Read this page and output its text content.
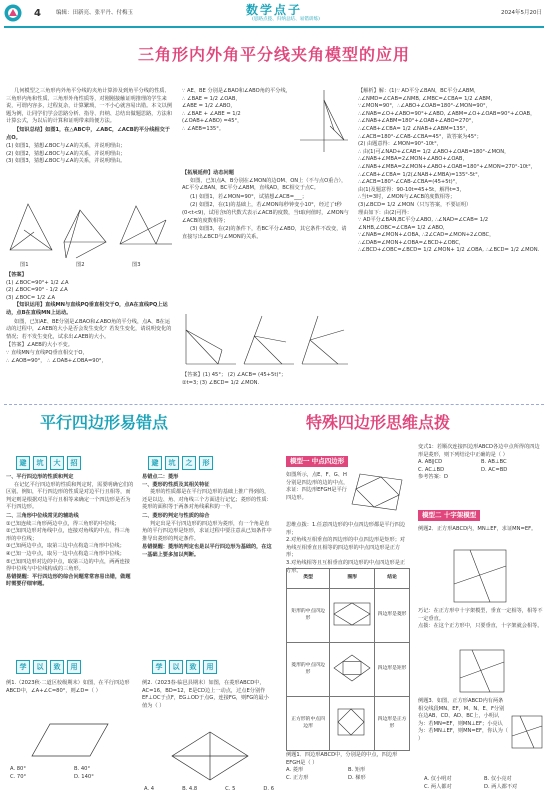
4	编辑：田新亮、张平丹、付梅玉	数学点子
(思路点拨、归纳总结、易错训练)
2024年5月20日
三角形内外角平分线夹角模型的应用

几何模型之三角形内外角平分线的夹角计算涉及到角平分线的性质、三角形内角和性质、三角形外角性质等，对刚刚接触证明推理的学生来说，可谓内容多，过程复杂，计算繁琐，一不小心就容易出错。本文以例题为例，让同学们学会思路分析、指导、归纳、总结出做题思路，方法和计算公式，为以后的计算和证明带来简便方法。

【知识总结】如图1，在△ABC中，∠ABC，∠ACB的平分线相交于点O。

(1) 如图1，猜想∠BOC与∠A的关系，并说明理由；
(2) 如图2，猜想∠BOC与∠A的关系，并说明理由；
(3) 如图3，猜想∠BOC与∠A的关系，并说明理由。
图1	图2	图3
【答案】
(1) ∠BOC=90°+ 1/2 ∠A
(2) ∠BOC=90° - 1/2 ∠A
(3) ∠BOC= 1/2 ∠A

【知识运用】直线MN与直线PQ垂直相交于O，点A在直线PQ上运动，点B在直线MN上运动。

如图，已知AE、BE分别是∠BAO和∠ABO角的平分线，点A、B在运动的过程中，∠AEB的大小是否会发生变化？若发生变化，请说明变化的情况；若不发生变化，试求出∠AEB的大小。

【答案】∠AEB的大小不变。
∵ 直线MN与直线PQ垂直相交于O，
∴ ∠AOB=90°， ∴ ∠OAB+∠OBA=90°，
∵ AE、BE 分别是∠BAO和∠ABO角的平分线，
∴ ∠BAE = 1/2 ∠OAB，
∠ABE = 1/2 ∠ABO，
∴ ∠BAE + ∠ABE = 1/2
(∠OAB+∠ABO) =45°，
∴ ∠AEB=135°。
【拓展延伸】动态问题

如图，已知点A、B分别在∠MON的边OM、ON上（不与点O重合），AC平分∠BAN，BC平分∠ABM，直线AD，BC相交于点C。

(1) 如图1，若∠MON=90°，试猜想∠ACB=___；

(2) 如图2，在(1)的基础上，若∠MON每秒钟变小10°，经过了t秒(0<t<9)，试用含t的代数式表示∠ACB的度数，当t取何值时，∠MON与∠ACB的度数相等；

(3) 如图3，在(2)的条件下，若BC平分∠ABO，其它条件不改变，请直接写出∠BCD与∠MON的关系。

【答案】(1) 45°； (2) ∠ACB= (45+5t)°；
②t=3; (3) ∠BCD= 1/2 ∠MON.
【解析】解：(1)∵ AD平分∠BAN，BC平分∠ABM，
∴∠NMD=∠CAB=∠NMB, ∠MBC=∠CBA= 1/2 ∠ABM，
∵∠MON=90°，∴∠ABO+∠OAB=180°-∠MON=90°，
∴∠NAB=∠O+∠ABO=90°+∠ABO, ∠ABM=∠O+∠OAB=90°+∠OAB，
∴∠NAB+∠ABM=180°+∠OAB+∠ABO=270°，
∴∠CAB+∠CBA= 1/2 ∠NAB+∠ABM=135°，
∴∠ACB=180°-∠CAB-∠CBA=45°，故答案为45°；
(2) 由题意得：∠MON=90°-10t°，
∴ 由(1)可∠NAD+∠CAB= 1/2 ∠ABO+∠OAB=180°-∠MON，
∴∠NAB+∠MBA=2∠MON+∠ABO+∠OAB，
∴∠NAB+∠MBA=2∠MON+∠ABO+∠OAB=180°+∠MON=270°-10t°，
∴∠CAB+∠CBA= 1/2(∠NAB+∠MBA)=135°-5t°，
∴∠ACB=180°-∠CAB-∠CBA=(45+5t)°，
由(1)及题意得：90-10t=45+5t，解得t=3，
∴当t=3时，∠MON与∠ACB的度数相等；
(3)∠BCD= 1/2 ∠MON（只写答案，不要证明）
理由如下：由(2)可得：
∵ AD平分∠BAN,BC平分∠ABO, ∴∠NAD=∠CAB= 1/2 ∠NHB,∠OBC=∠CBA= 1/2 ∠ABO，
∵∠NAB=∠MON+∠OBA, ∴2∠CAD=∠MON+2∠OBC，∴∠DAB=∠MON+∠OBA=∠BCD+∠OBC，
∴∠BCD+∠OBC=∠BCD= 1/2 ∠MON+ 1/2 ∠OBA, ∴∠BCD= 1/2 ∠MON.
平行四边形易错点
避	坑	大	招	避	坑	之	形
一、平行四边形的性质和判定

在记忆平行四边形的性质和判定时，需要明确它们的区别。例如，平行四边形的性质是对边平行且相等，而判定则是根据对边平行且相等来确定一个四边形是否为平行四边形。

二、三角形中位线常见的辅助线
①已知连续三角形两边中点，得三角形的中位线；
②已知四边形对角线中点，连接对角线的中点，得三角形的中位线；
③已知两边中点，取第三边中点构造三角形中位线；
④已知一边中点，取另一边中点构造三角形中位线；
⑤已知四边形对边的中点，取第三边的中点，两两连接得中位线与中位线构成的三角形。
易错提醒：平行四边形的综合问题常常容易出错，做题时需要仔细审题。
学	以	致	用
例1.（2023秋·二道区校级期末）如图，在平行四边形ABCD中，∠A+∠C=80°，则∠D=（ ）
A. 80°	B. 40°
C. 70°	D. 140°
易错点二：菱形
一、菱形的性质及其相关特征

菱形的性质都是在平行四边形的基础上推广得到的，还是以边、角、对角线三个方面进行记忆；菱形的性质：菱形的面积等于两条对角线乘积的一半。

二、菱形的判定与性质的综合

判定出是平行四边形的四边形为菱形，有一个角是直角的平行四边形是矩形，求证过程中要注意从已知条件中推导出菱形的判定条件。

易错提醒：菱形的判定也是以平行四边形为基础的，在这一基础上要多加以判断。
学	以	致	用
例2.（2023春·临邑县期末）如图，在菱形ABCD中，AC=16，BD=12，E是CD边上一动点，过点E分别作EF⊥OC于点F，EG⊥OD于点G，连接FG，则FG的最小值为（ ）
A. 4	B. 4.8	C. 5	D. 6
特殊四边形思维点拨
模型一 中点四边形
如图所示，点E、F、G、H分别是四边形的边的中点，求证：四边形EFGH是平行四边形。
思维点拨：1.任意四边形的中点四边形都是平行四边形；
2.对角线互相垂直的四边形的中点四边形是矩形；对角线互相垂直且相等的四边形的中点四边形是正方形；
3.对角线相等且互相垂直的四边形的中点四边形是正方形。
类型	图形	结论
矩形的中点四边形		四边形是菱形
菱形的中点四边形		四边形是矩形
正方形的中点四边形		四边形是正方形
例题1．四边形ABCD中，分别是的中点，四边形EFGH是（ ）
A. 菱形	B. 矩形
C. 正方形	D. 梯形
变式1：若顺次连接四边形ABCD各边中点所得的四边形是菱形，则下列结论中正确的是（ ）
A. AB∥CD	B. AB⊥BC
C. AC⊥BD	D. AC=BD
参考答案：D
模型二 十字架模型
例题2．正方形ABCD内，MN⊥EF，求证MN=EF。
巧记：在正方形中十字架模型，垂直一定相等，相等不一定垂直。
点拨：在这个正方形中，只要垂直，十字架就会相等。
例题3．如图，正方形ABCD内有两条相交线段MN、EF，M、N、E、F分别在边AB、CD、AD、BC上，小明认为：若MN=EF，则MN⊥EF；小亮认为：若MN⊥EF，则MN=EF，你认为（ ）
A. 仅小明对	B. 仅小亮对
C. 两人都对	D. 两人都不对
